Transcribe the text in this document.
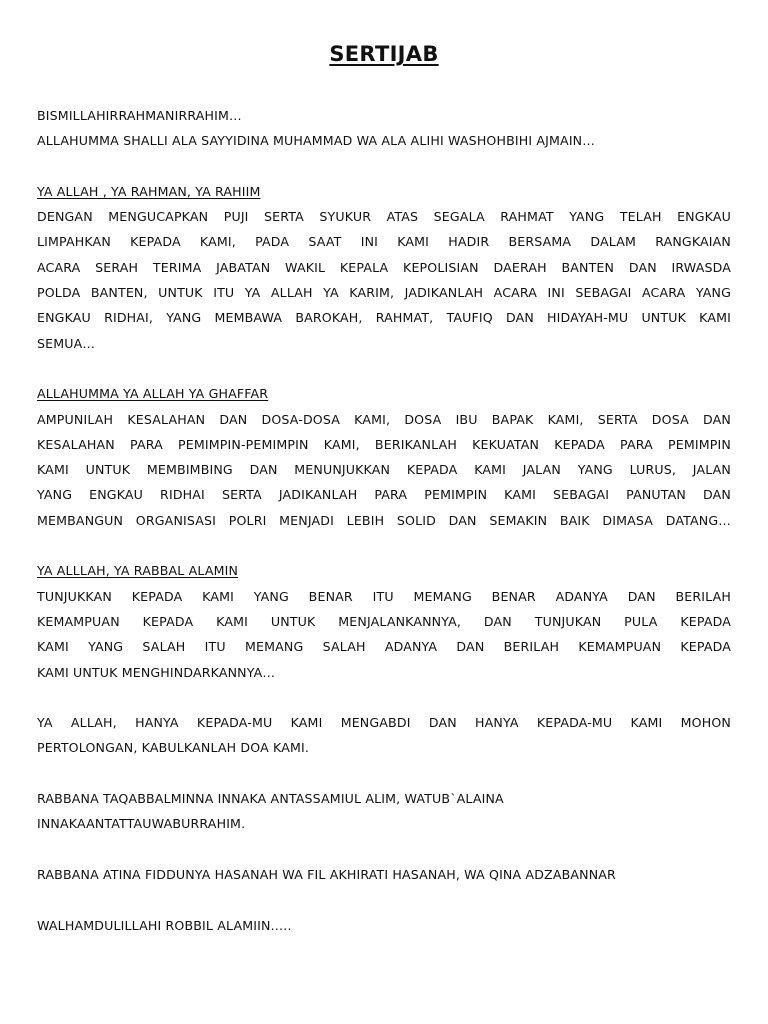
SERTIJAB
BISMILLAHIRRAHMANIRRAHIM…
ALLAHUMMA SHALLI ALA SAYYIDINA MUHAMMAD WA ALA ALIHI WASHOHBIHI AJMAIN…
YA ALLAH , YA RAHMAN, YA RAHIIM
DENGAN MENGUCAPKAN PUJI SERTA SYUKUR ATAS SEGALA RAHMAT YANG TELAH ENGKAU
LIMPAHKAN KEPADA KAMI, PADA SAAT INI KAMI HADIR BERSAMA DALAM RANGKAIAN
ACARA SERAH TERIMA JABATAN WAKIL KEPALA KEPOLISIAN DAERAH BANTEN DAN IRWASDA
POLDA BANTEN, UNTUK ITU YA ALLAH YA KARIM, JADIKANLAH ACARA INI SEBAGAI ACARA YANG
ENGKAU RIDHAI, YANG MEMBAWA BAROKAH, RAHMAT, TAUFIQ DAN HIDAYAH-MU UNTUK KAMI
SEMUA…
ALLAHUMMA YA ALLAH YA GHAFFAR
AMPUNILAH KESALAHAN DAN DOSA-DOSA KAMI, DOSA IBU BAPAK KAMI, SERTA DOSA DAN
KESALAHAN PARA PEMIMPIN-PEMIMPIN KAMI, BERIKANLAH KEKUATAN KEPADA PARA PEMIMPIN
KAMI UNTUK MEMBIMBING DAN MENUNJUKKAN KEPADA KAMI JALAN YANG LURUS, JALAN
YANG ENGKAU RIDHAI SERTA JADIKANLAH PARA PEMIMPIN KAMI SEBAGAI PANUTAN DAN
MEMBANGUN ORGANISASI POLRI MENJADI LEBIH SOLID DAN SEMAKIN BAIK DIMASA DATANG…
YA ALLLAH, YA RABBAL ALAMIN
TUNJUKKAN KEPADA KAMI YANG BENAR ITU MEMANG BENAR ADANYA DAN BERILAH
KEMAMPUAN KEPADA KAMI UNTUK MENJALANKANNYA, DAN TUNJUKAN PULA KEPADA
KAMI YANG SALAH ITU MEMANG SALAH ADANYA DAN BERILAH KEMAMPUAN KEPADA
KAMI UNTUK MENGHINDARKANNYA…
YA ALLAH, HANYA KEPADA-MU KAMI MENGABDI DAN HANYA KEPADA-MU KAMI MOHON
PERTOLONGAN, KABULKANLAH DOA KAMI.
RABBANA TAQABBALMINNA INNAKA ANTASSAMIUL ALIM, WATUB`ALAINA
INNAKAANTATTAUWABURRAHIM.
RABBANA ATINA FIDDUNYA HASANAH WA FIL AKHIRATI HASANAH, WA QINA ADZABANNAR
WALHAMDULILLAHI ROBBIL ALAMIIN…..
